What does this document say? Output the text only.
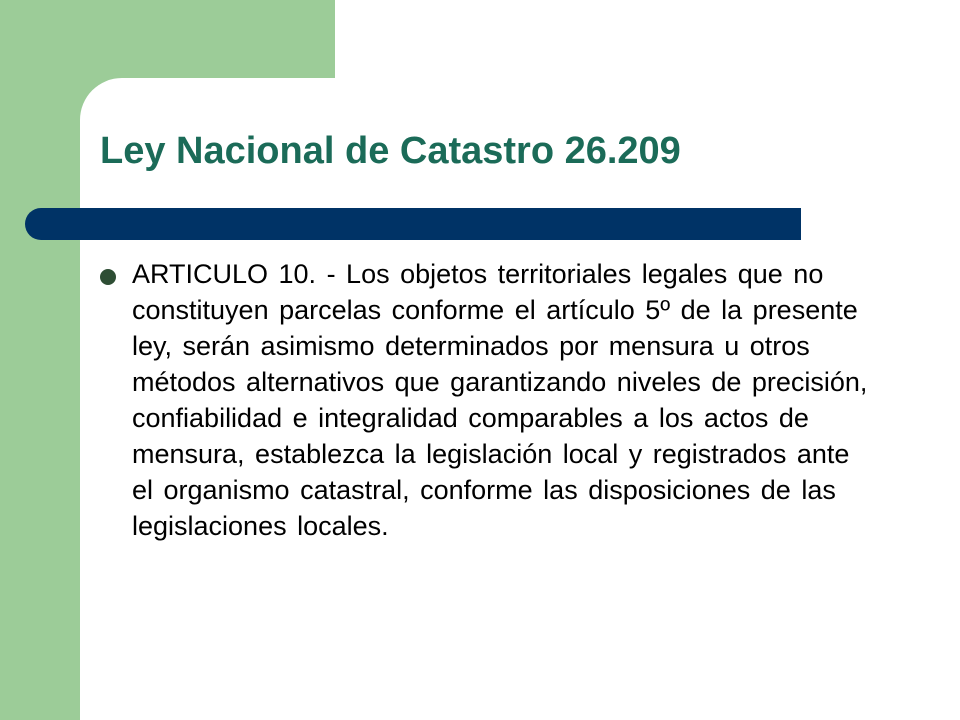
Ley Nacional de Catastro 26.209

ARTICULO 10. - Los objetos territoriales legales que no constituyen parcelas conforme el artículo 5º de la presente ley, serán asimismo determinados por mensura u otros métodos alternativos que garantizando niveles de precisión, confiabilidad e integralidad comparables a los actos de mensura, establezca la legislación local y registrados ante el organismo catastral, conforme las disposiciones de las legislaciones locales.
